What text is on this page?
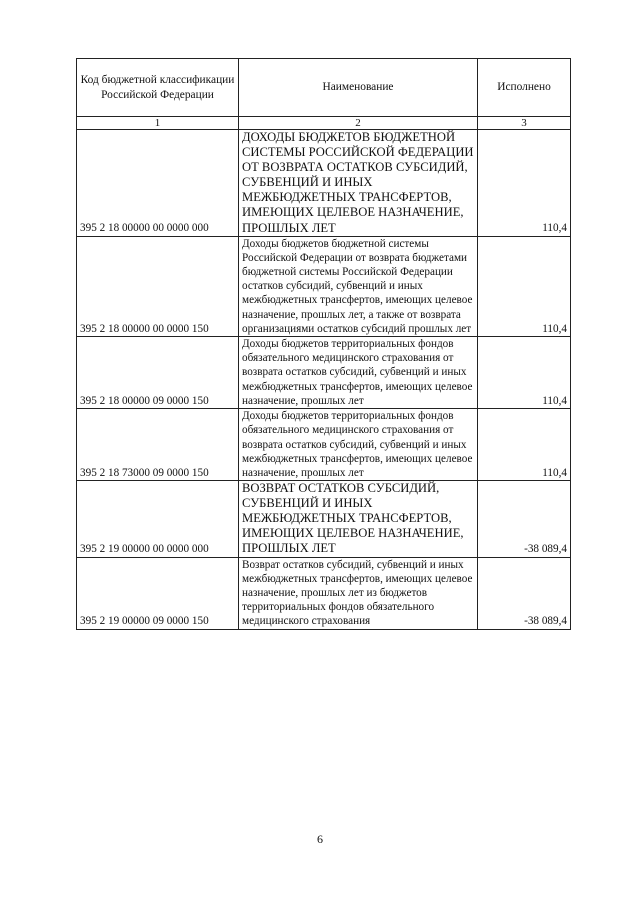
Код бюджетной классификации Российской Федерации	Наименование	Исполнено
1	2	3
395 2 18 00000 00 0000 000	ДОХОДЫ БЮДЖЕТОВ БЮДЖЕТНОЙ СИСТЕМЫ РОССИЙСКОЙ ФЕДЕРАЦИИ ОТ ВОЗВРАТА ОСТАТКОВ СУБСИДИЙ, СУБВЕНЦИЙ И ИНЫХ МЕЖБЮДЖЕТНЫХ ТРАНСФЕРТОВ, ИМЕЮЩИХ ЦЕЛЕВОЕ НАЗНАЧЕНИЕ, ПРОШЛЫХ ЛЕТ	110,4
395 2 18 00000 00 0000 150	Доходы бюджетов бюджетной системы Российской Федерации от возврата бюджетами бюджетной системы Российской Федерации остатков субсидий, субвенций и иных межбюджетных трансфертов, имеющих целевое назначение, прошлых лет, а также от возврата организациями остатков субсидий прошлых лет	110,4
395 2 18 00000 09 0000 150	Доходы бюджетов территориальных фондов обязательного медицинского страхования от возврата остатков субсидий, субвенций и иных межбюджетных трансфертов, имеющих целевое назначение, прошлых лет	110,4
395 2 18 73000 09 0000 150	Доходы бюджетов территориальных фондов обязательного медицинского страхования от возврата остатков субсидий, субвенций и иных межбюджетных трансфертов, имеющих целевое назначение, прошлых лет	110,4
395 2 19 00000 00 0000 000	ВОЗВРАТ ОСТАТКОВ СУБСИДИЙ, СУБВЕНЦИЙ И ИНЫХ МЕЖБЮДЖЕТНЫХ ТРАНСФЕРТОВ, ИМЕЮЩИХ ЦЕЛЕВОЕ НАЗНАЧЕНИЕ, ПРОШЛЫХ ЛЕТ	-38 089,4
395 2 19 00000 09 0000 150	Возврат остатков субсидий, субвенций и иных межбюджетных трансфертов, имеющих целевое назначение, прошлых лет из бюджетов территориальных фондов обязательного медицинского страхования	-38 089,4
6
